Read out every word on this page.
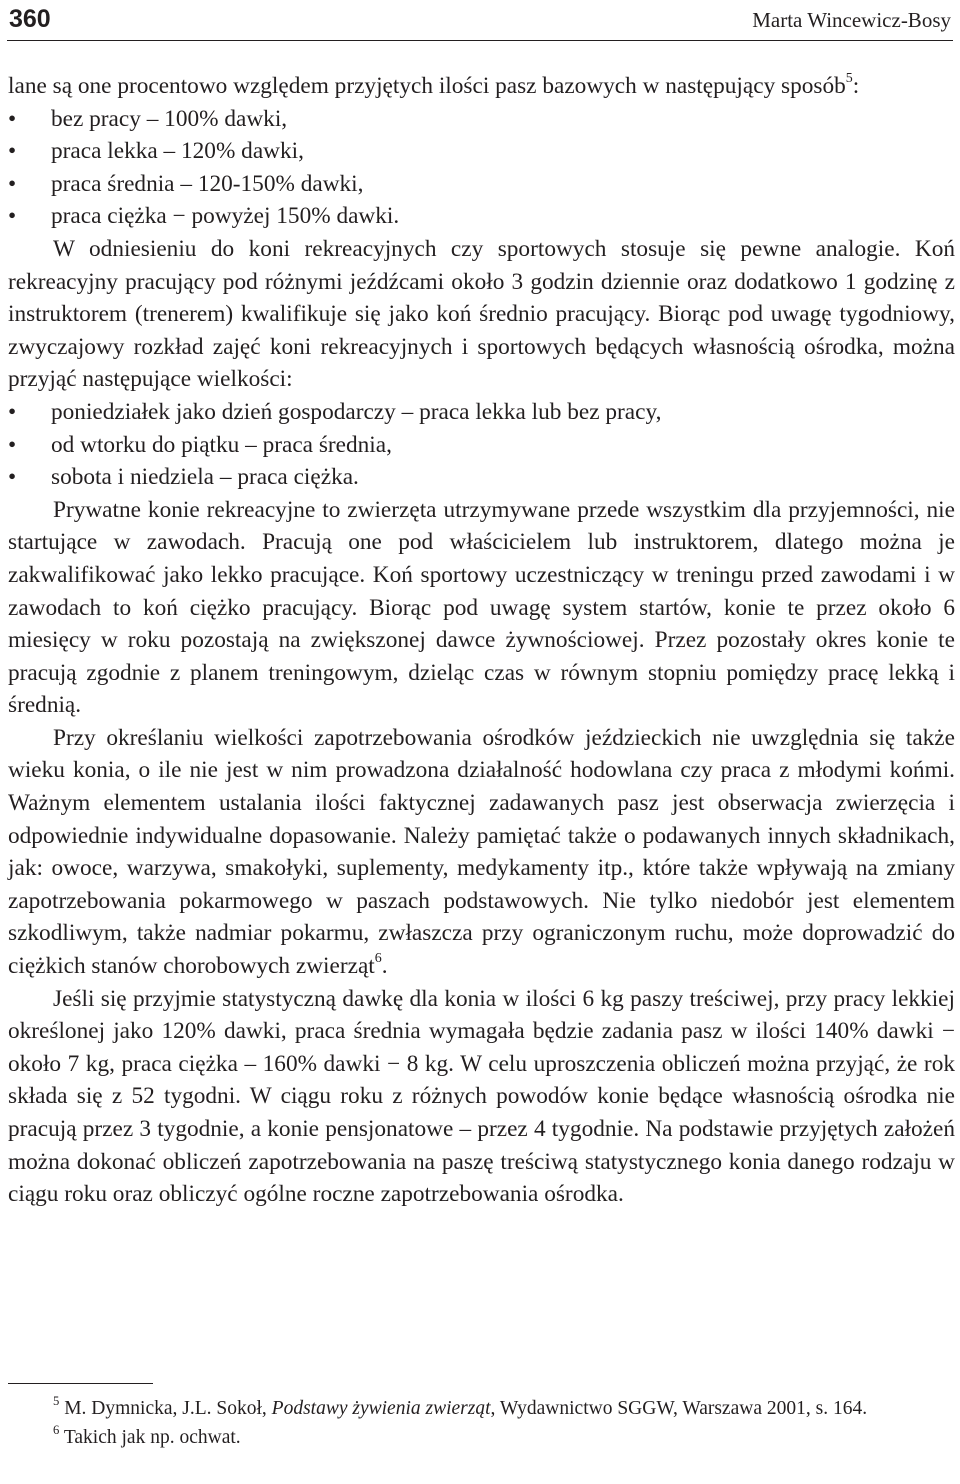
360	Marta Wincewicz-Bosy

lane są one procentowo względem przyjętych ilości pasz bazowych w następujący sposób$^5$:

• bez pracy – 100% dawki,
• praca lekka – 120% dawki,
• praca średnia – 120-150% dawki,
• praca ciężka − powyżej 150% dawki.

W odniesieniu do koni rekreacyjnych czy sportowych stosuje się pewne analogie. Koń rekreacyjny pracujący pod różnymi jeźdźcami około 3 godzin dziennie oraz dodatkowo 1 godzinę z instruktorem (trenerem) kwalifikuje się jako koń średnio pracujący. Biorąc pod uwagę tygodniowy, zwyczajowy rozkład zajęć koni rekreacyjnych i sportowych będących własnością ośrodka, można przyjąć następujące wielkości:

• poniedziałek jako dzień gospodarczy – praca lekka lub bez pracy,
• od wtorku do piątku – praca średnia,
• sobota i niedziela – praca ciężka.

Prywatne konie rekreacyjne to zwierzęta utrzymywane przede wszystkim dla przyjemności, nie startujące w zawodach. Pracują one pod właścicielem lub instruktorem, dlatego można je zakwalifikować jako lekko pracujące. Koń sportowy uczestniczący w treningu przed zawodami i w zawodach to koń ciężko pracujący. Biorąc pod uwagę system startów, konie te przez około 6 miesięcy w roku pozostają na zwiększonej dawce żywnościowej. Przez pozostały okres konie te pracują zgodnie z planem treningowym, dzieląc czas w równym stopniu pomiędzy pracę lekką i średnią.

Przy określaniu wielkości zapotrzebowania ośrodków jeździeckich nie uwzględnia się także wieku konia, o ile nie jest w nim prowadzona działalność hodowlana czy praca z młodymi końmi. Ważnym elementem ustalania ilości faktycznej zadawanych pasz jest obserwacja zwierzęcia i odpowiednie indywidualne dopasowanie. Należy pamiętać także o podawanych innych składnikach, jak: owoce, warzywa, smakołyki, suplementy, medykamenty itp., które także wpływają na zmiany zapotrzebowania pokarmowego w paszach podstawowych. Nie tylko niedobór jest elementem szkodliwym, także nadmiar pokarmu, zwłaszcza przy ograniczonym ruchu, może doprowadzić do ciężkich stanów chorobowych zwierząt$^6$.

Jeśli się przyjmie statystyczną dawkę dla konia w ilości 6 kg paszy treściwej, przy pracy lekkiej określonej jako 120% dawki, praca średnia wymagała będzie zadania pasz w ilości 140% dawki − około 7 kg, praca ciężka – 160% dawki − 8 kg. W celu uproszczenia obliczeń można przyjąć, że rok składa się z 52 tygodni. W ciągu roku z różnych powodów konie będące własnością ośrodka nie pracują przez 3 tygodnie, a konie pensjonatowe – przez 4 tygodnie. Na podstawie przyjętych założeń można dokonać obliczeń zapotrzebowania na paszę treściwą statystycznego konia danego rodzaju w ciągu roku oraz obliczyć ogólne roczne zapotrzebowania ośrodka.

$^5$ M. Dymnicka, J.L. Sokoł, Podstawy żywienia zwierząt, Wydawnictwo SGGW, Warszawa 2001, s. 164.

$^6$ Takich jak np. ochwat.
